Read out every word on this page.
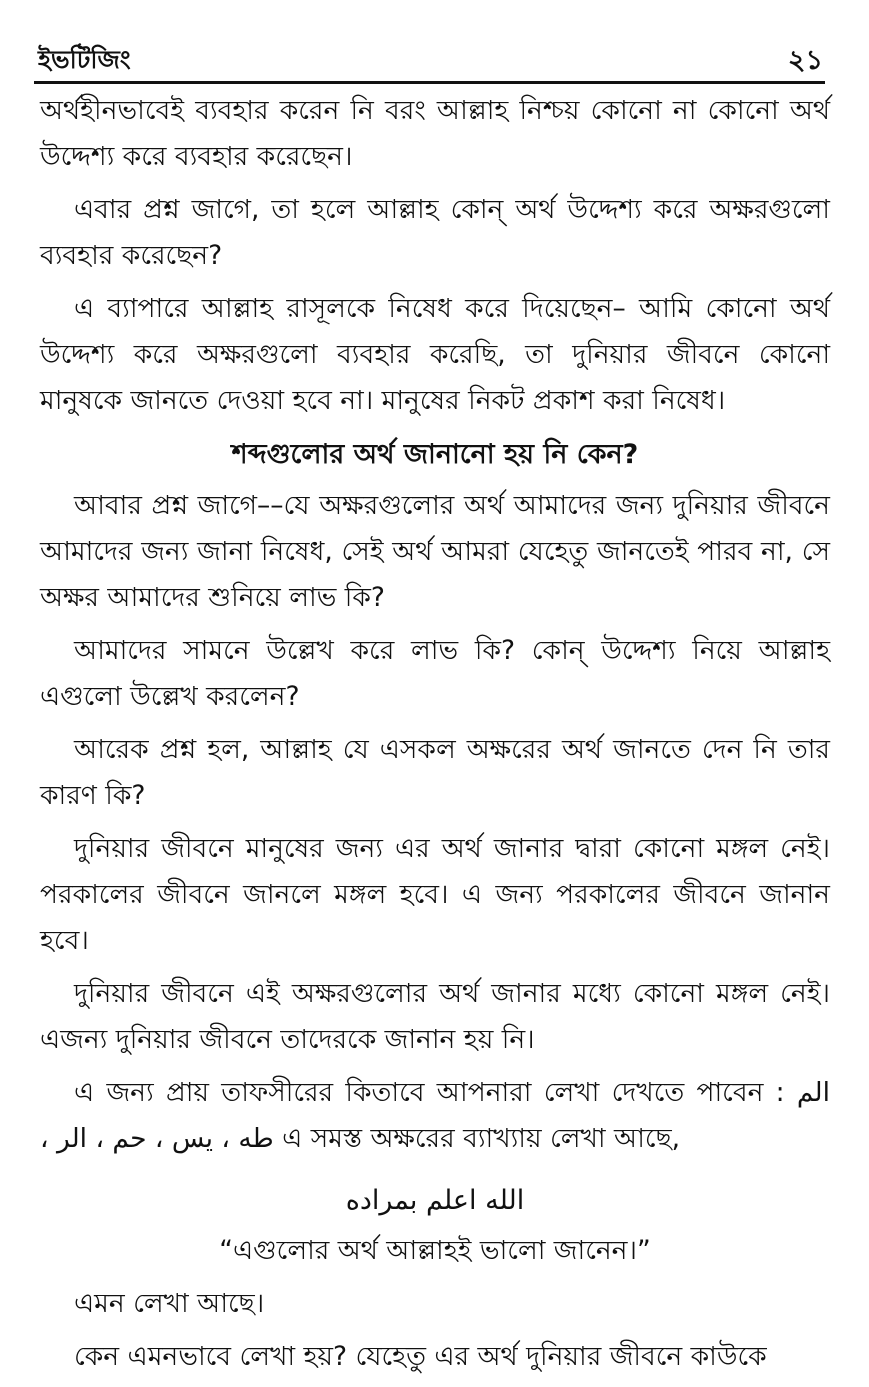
ইভটিজিং	২১

অর্থহীনভাবেই ব্যবহার করেন নি বরং আল্লাহ নিশ্চয় কোনো না কোনো অর্থ উদ্দেশ্য করে ব্যবহার করেছেন।

এবার প্রশ্ন জাগে, তা হলে আল্লাহ কোন্ অর্থ উদ্দেশ্য করে অক্ষরগুলো ব্যবহার করেছেন?

এ ব্যাপারে আল্লাহ রাসূলকে নিষেধ করে দিয়েছেন– আমি কোনো অর্থ উদ্দেশ্য করে অক্ষরগুলো ব্যবহার করেছি, তা দুনিয়ার জীবনে কোনো মানুষকে জানতে দেওয়া হবে না। মানুষের নিকট প্রকাশ করা নিষেধ।

শব্দগুলোর অর্থ জানানো হয় নি কেন?

আবার প্রশ্ন জাগে––যে অক্ষরগুলোর অর্থ আমাদের জন্য দুনিয়ার জীবনে আমাদের জন্য জানা নিষেধ, সেই অর্থ আমরা যেহেতু জানতেই পারব না, সে অক্ষর আমাদের শুনিয়ে লাভ কি?

আমাদের সামনে উল্লেখ করে লাভ কি? কোন্ উদ্দেশ্য নিয়ে আল্লাহ এগুলো উল্লেখ করলেন?

আরেক প্রশ্ন হল, আল্লাহ যে এসকল অক্ষরের অর্থ জানতে দেন নি তার কারণ কি?

দুনিয়ার জীবনে মানুষের জন্য এর অর্থ জানার দ্বারা কোনো মঙ্গল নেই। পরকালের জীবনে জানলে মঙ্গল হবে। এ জন্য পরকালের জীবনে জানান হবে।

দুনিয়ার জীবনে এই অক্ষরগুলোর অর্থ জানার মধ্যে কোনো মঙ্গল নেই। এজন্য দুনিয়ার জীবনে তাদেরকে জানান হয় নি।

এ জন্য প্রায় তাফসীরের কিতাবে আপনারা লেখা দেখতে পাবেন : الم طه ، يس ، حم ، الر ، এ সমস্ত অক্ষরের ব্যাখ্যায় লেখা আছে,

الله اعلم بمراده

“এগুলোর অর্থ আল্লাহই ভালো জানেন।”

এমন লেখা আছে।

কেন এমনভাবে লেখা হয়? যেহেতু এর অর্থ দুনিয়ার জীবনে কাউকে
